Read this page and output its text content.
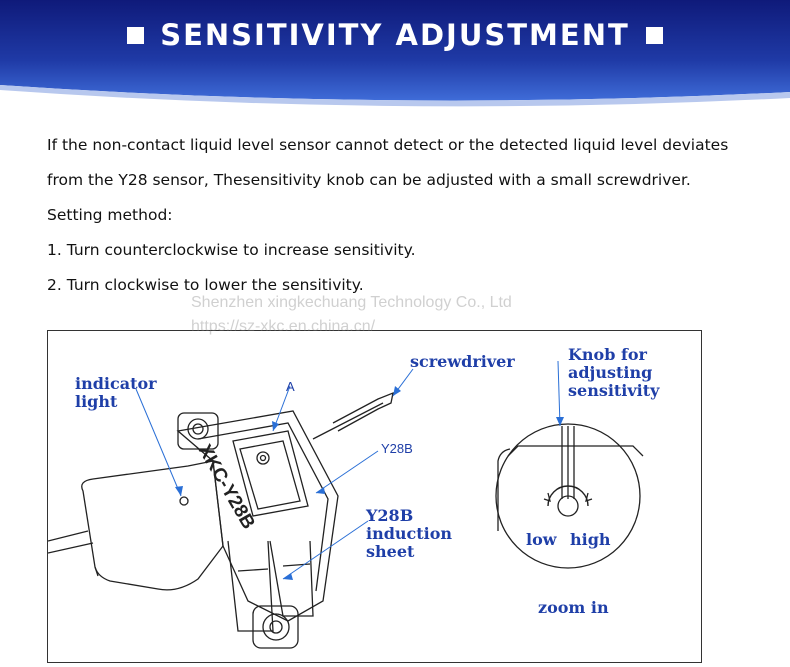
SENSITIVITY ADJUSTMENT
If the non-contact liquid level sensor cannot detect or the detected liquid level deviates
from the Y28 sensor, Thesensitivity knob can be adjusted with a small screwdriver.
Setting method:
1. Turn counterclockwise to increase sensitivity.
2. Turn clockwise to lower the sensitivity.
XKC-Y28B
indicator
light
screwdriver
A
Y28B
Y28B
induction
sheet
Knob for
adjusting
sensitivity
low high
zoom in
Shenzhen xingkechuang Technology Co., Ltd
https://sz-xkc.en.china.cn/
